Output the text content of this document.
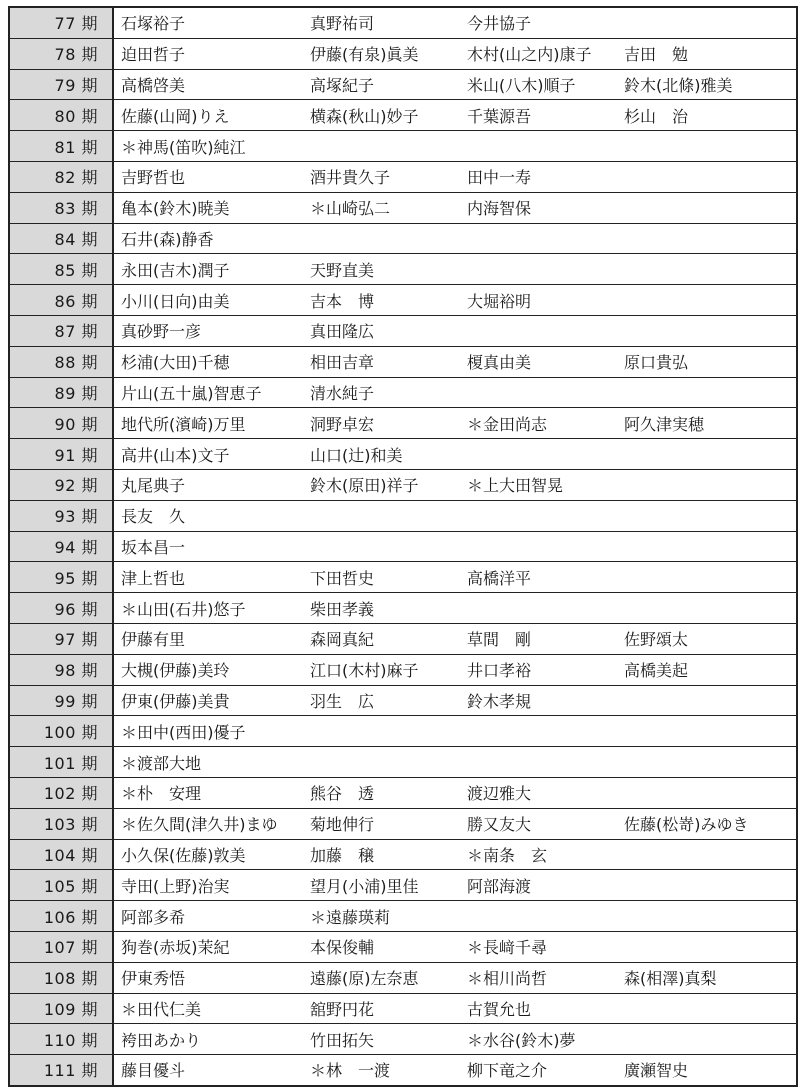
77 期	石塚裕子	真野祐司	今井協子
78 期	迫田哲子	伊藤(有泉)眞美	木村(山之内)康子	吉田　勉
79 期	高橋啓美	高塚紀子	米山(八木)順子	鈴木(北條)雅美
80 期	佐藤(山岡)りえ	横森(秋山)妙子	千葉源吾	杉山　治
81 期	＊神馬(笛吹)純江
82 期	吉野哲也	酒井貴久子	田中一寿
83 期	亀本(鈴木)暁美	＊山崎弘二	内海智保
84 期	石井(森)静香
85 期	永田(吉木)潤子	天野直美
86 期	小川(日向)由美	吉本　博	大堀裕明
87 期	真砂野一彦	真田隆広
88 期	杉浦(大田)千穂	相田吉章	榎真由美	原口貴弘
89 期	片山(五十嵐)智恵子	清水純子
90 期	地代所(濱崎)万里	洞野卓宏	＊金田尚志	阿久津実穂
91 期	高井(山本)文子	山口(辻)和美
92 期	丸尾典子	鈴木(原田)祥子	＊上大田智晃
93 期	長友　久
94 期	坂本昌一
95 期	津上哲也	下田哲史	高橋洋平
96 期	＊山田(石井)悠子	柴田孝義
97 期	伊藤有里	森岡真紀	草間　剛	佐野頌太
98 期	大槻(伊藤)美玲	江口(木村)麻子	井口孝裕	高橋美起
99 期	伊東(伊藤)美貴	羽生　広	鈴木孝規
100 期	＊田中(西田)優子
101 期	＊渡部大地
102 期	＊朴　安理	熊谷　透	渡辺雅大
103 期	＊佐久間(津久井)まゆ	菊地伸行	勝又友大	佐藤(松嵜)みゆき
104 期	小久保(佐藤)敦美	加藤　穣	＊南条　玄
105 期	寺田(上野)治実	望月(小浦)里佳	阿部海渡
106 期	阿部多希	＊遠藤瑛莉
107 期	狗巻(赤坂)茉紀	本保俊輔	＊長﨑千尋
108 期	伊東秀悟	遠藤(原)左奈恵	＊相川尚哲	森(相澤)真梨
109 期	＊田代仁美	舘野円花	古賀允也
110 期	袴田あかり	竹田拓矢	＊水谷(鈴木)夢
111 期	藤目優斗	＊林　一渡	柳下竜之介	廣瀬智史
